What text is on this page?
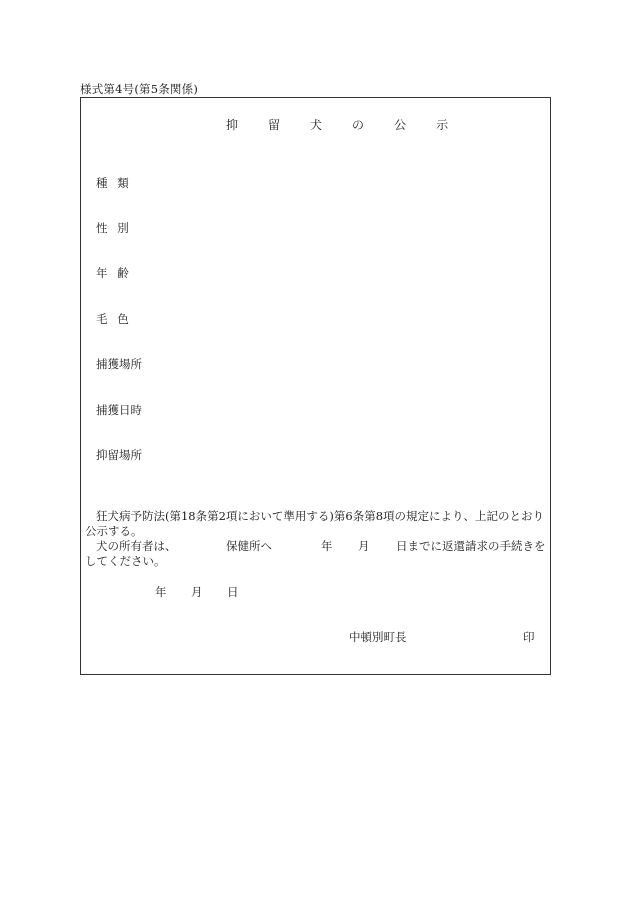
様式第4号(第5条関係)
抑	留	犬	の	公	示
種類
性別
年齢
毛色
捕獲場所
捕獲日時
抑留場所
狂犬病予防法(第18条第2項において準用する)第6条第8項の規定により、上記のとおり
公示する。
犬の所有者は、	保健所へ	年 月 日までに返還請求の手続きを
してください。
年 月 日
中頓別町長	印
